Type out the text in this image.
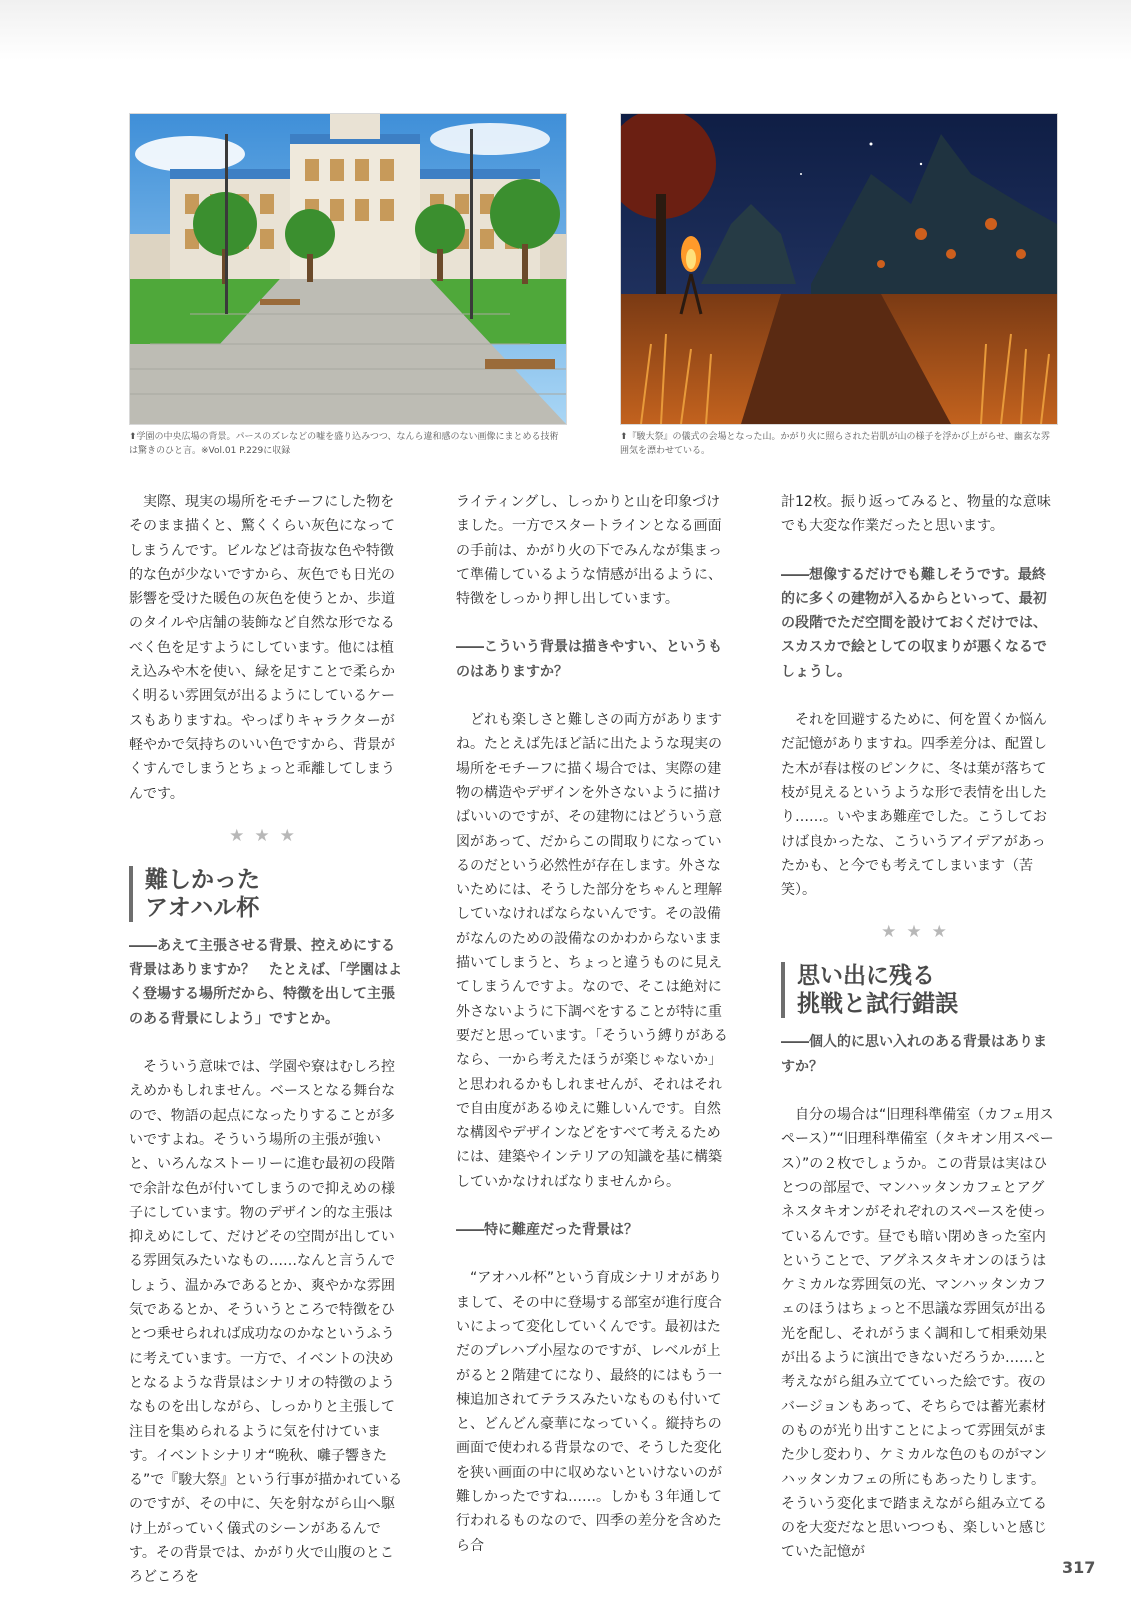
⬆学園の中央広場の背景。パースのズレなどの嘘を盛り込みつつ、なんら違和感のない画像にまとめる技術は驚きのひと言。※Vol.01 P.229に収録
⬆『駿大祭』の儀式の会場となった山。かがり火に照らされた岩肌が山の様子を浮かび上がらせ、幽玄な雰囲気を漂わせている。

実際、現実の場所をモチーフにした物をそのまま描くと、驚くくらい灰色になってしまうんです。ビルなどは奇抜な色や特徴的な色が少ないですから、灰色でも日光の影響を受けた暖色の灰色を使うとか、歩道のタイルや店舗の装飾など自然な形でなるべく色を足すようにしています。他には植え込みや木を使い、緑を足すことで柔らかく明るい雰囲気が出るようにしているケースもありますね。やっぱりキャラクターが軽やかで気持ちのいい色ですから、背景がくすんでしまうとちょっと乖離してしまうんです。

★★★
難しかった
アオハル杯

――あえて主張させる背景、控えめにする背景はありますか？　たとえば、「学園はよく登場する場所だから、特徴を出して主張のある背景にしよう」ですとか。

そういう意味では、学園や寮はむしろ控えめかもしれません。ベースとなる舞台なので、物語の起点になったりすることが多いですよね。そういう場所の主張が強いと、いろんなストーリーに進む最初の段階で余計な色が付いてしまうので抑えめの様子にしています。物のデザイン的な主張は抑えめにして、だけどその空間が出している雰囲気みたいなもの……なんと言うんでしょう、温かみであるとか、爽やかな雰囲気であるとか、そういうところで特徴をひとつ乗せられれば成功なのかなというふうに考えています。一方で、イベントの決めとなるような背景はシナリオの特徴のようなものを出しながら、しっかりと主張して注目を集められるように気を付けています。イベントシナリオ“晩秋、囃子響きたる”で『駿大祭』という行事が描かれているのですが、その中に、矢を射ながら山へ駆け上がっていく儀式のシーンがあるんです。その背景では、かがり火で山腹のところどころを

ライティングし、しっかりと山を印象づけました。一方でスタートラインとなる画面の手前は、かがり火の下でみんなが集まって準備しているような情感が出るように、特徴をしっかり押し出しています。

――こういう背景は描きやすい、というものはありますか？

どれも楽しさと難しさの両方がありますね。たとえば先ほど話に出たような現実の場所をモチーフに描く場合では、実際の建物の構造やデザインを外さないように描けばいいのですが、その建物にはどういう意図があって、だからこの間取りになっているのだという必然性が存在します。外さないためには、そうした部分をちゃんと理解していなければならないんです。その設備がなんのための設備なのかわからないまま描いてしまうと、ちょっと違うものに見えてしまうんですよ。なので、そこは絶対に外さないように下調べをすることが特に重要だと思っています。「そういう縛りがあるなら、一から考えたほうが楽じゃないか」と思われるかもしれませんが、それはそれで自由度があるゆえに難しいんです。自然な構図やデザインなどをすべて考えるためには、建築やインテリアの知識を基に構築していかなければなりませんから。

――特に難産だった背景は？

“アオハル杯”という育成シナリオがありまして、その中に登場する部室が進行度合いによって変化していくんです。最初はただのプレハブ小屋なのですが、レベルが上がると２階建てになり、最終的にはもう一棟追加されてテラスみたいなものも付いてと、どんどん豪華になっていく。縦持ちの画面で使われる背景なので、そうした変化を狭い画面の中に収めないといけないのが難しかったですね……。しかも３年通して行われるものなので、四季の差分を含めたら合

計12枚。振り返ってみると、物量的な意味でも大変な作業だったと思います。

――想像するだけでも難しそうです。最終的に多くの建物が入るからといって、最初の段階でただ空間を設けておくだけでは、スカスカで絵としての収まりが悪くなるでしょうし。

それを回避するために、何を置くか悩んだ記憶がありますね。四季差分は、配置した木が春は桜のピンクに、冬は葉が落ちて枝が見えるというような形で表情を出したり……。いやまあ難産でした。こうしておけば良かったな、こういうアイデアがあったかも、と今でも考えてしまいます（苦笑）。

★★★
思い出に残る
挑戦と試行錯誤

――個人的に思い入れのある背景はありますか？

自分の場合は“旧理科準備室（カフェ用スペース）”“旧理科準備室（タキオン用スペース）”の２枚でしょうか。この背景は実はひとつの部屋で、マンハッタンカフェとアグネスタキオンがそれぞれのスペースを使っているんです。昼でも暗い閉めきった室内ということで、アグネスタキオンのほうはケミカルな雰囲気の光、マンハッタンカフェのほうはちょっと不思議な雰囲気が出る光を配し、それがうまく調和して相乗効果が出るように演出できないだろうか……と考えながら組み立てていった絵です。夜のバージョンもあって、そちらでは蓄光素材のものが光り出すことによって雰囲気がまた少し変わり、ケミカルな色のものがマンハッタンカフェの所にもあったりします。そういう変化まで踏まえながら組み立てるのを大変だなと思いつつも、楽しいと感じていた記憶が

317
